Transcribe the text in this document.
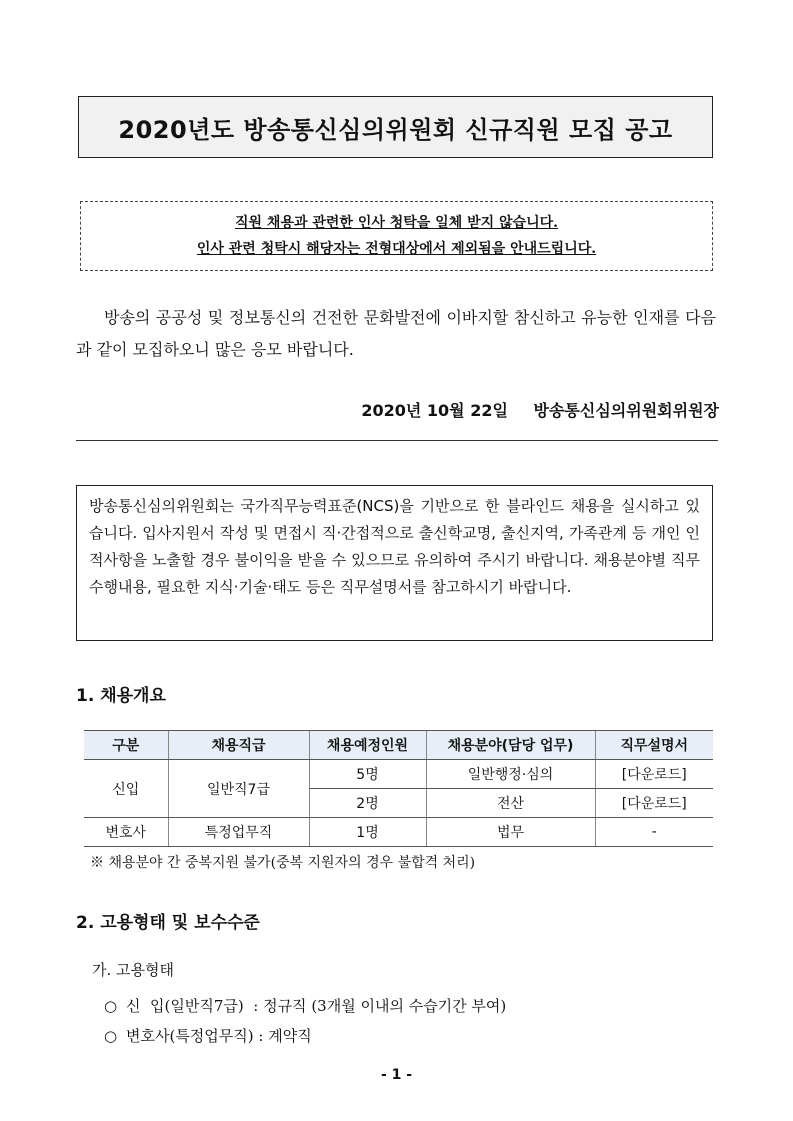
2020년도 방송통신심의위원회 신규직원 모집 공고
직원 채용과 관련한 인사 청탁을 일체 받지 않습니다.
인사 관련 청탁시 해당자는 전형대상에서 제외됨을 안내드립니다.

방송의 공공성 및 정보통신의 건전한 문화발전에 이바지할 참신하고 유능한 인재를 다음과 같이 모집하오니 많은 응모 바랍니다.

2020년 10월 22일 방송통신심의위원회위원장
방송통신심의위원회는 국가직무능력표준(NCS)을 기반으로 한 블라인드 채용을 실시하고 있습니다. 입사지원서 작성 및 면접시 직·간접적으로 출신학교명, 출신지역, 가족관계 등 개인 인적사항을 노출할 경우 불이익을 받을 수 있으므로 유의하여 주시기 바랍니다. 채용분야별 직무수행내용, 필요한 지식·기술·태도 등은 직무설명서를 참고하시기 바랍니다.
1. 채용개요
구분	채용직급	채용예정인원	채용분야(담당 업무)	직무설명서
신입	일반직7급	5명	일반행정·심의	[다운로드]
		2명	전산	[다운로드]
변호사	특정업무직	1명	법무	-
※ 채용분야 간 중복지원 불가(중복 지원자의 경우 불합격 처리)
2. 고용형태 및 보수수준
가. 고용형태
○ 신  입(일반직7급)  : 정규직 (3개월 이내의 수습기간 부여)
○ 변호사(특정업무직) : 계약직
- 1 -
